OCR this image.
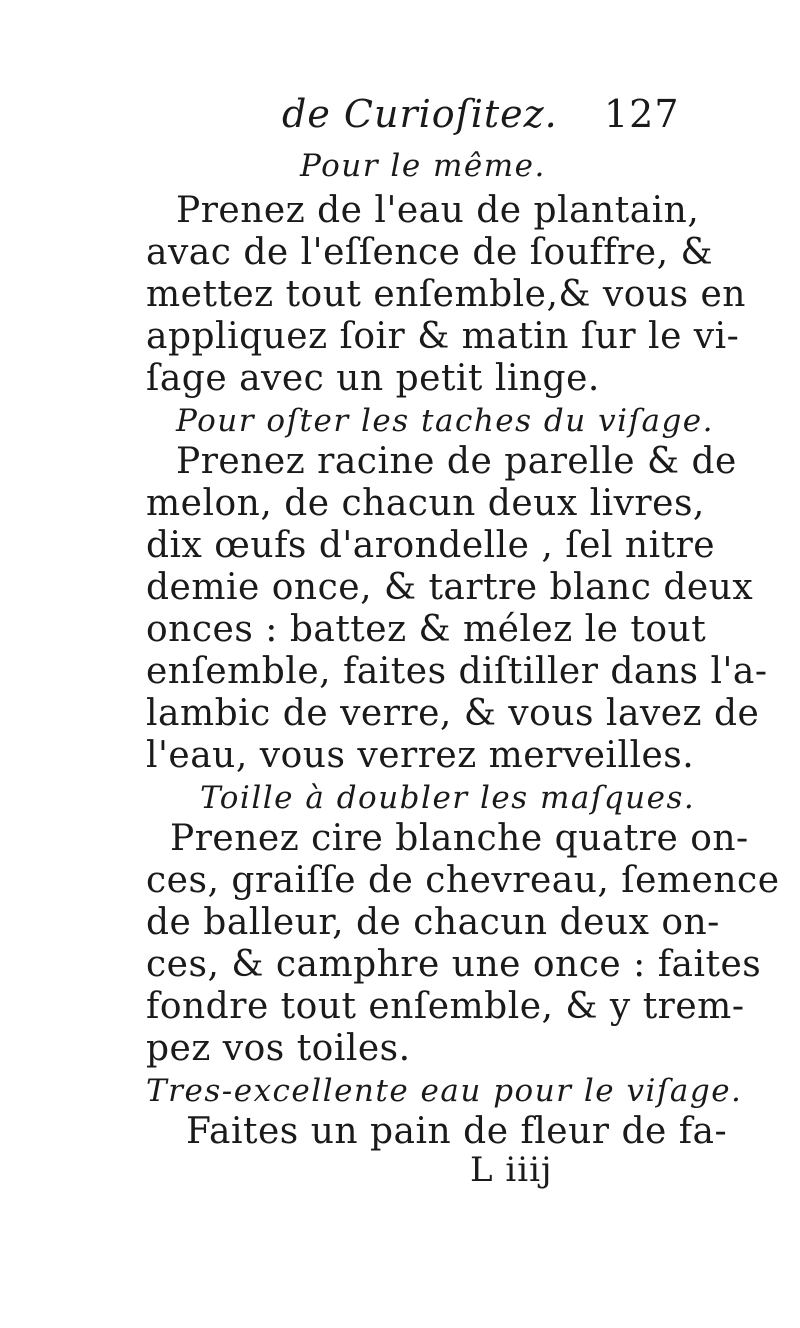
de Curioſitez. 127
Pour le même.
Prenez de l'eau de plantain,
avac de l'eſſence de ſouffre, &
mettez tout enſemble,& vous en
appliquez ſoir & matin ſur le vi-
ſage avec un petit linge.
Pour oſter les taches du viſage.
Prenez racine de parelle & de
melon, de chacun deux livres,
dix œufs d'arondelle , ſel nitre
demie once, & tartre blanc deux
onces : battez & mélez le tout
enſemble, faites diſtiller dans l'a-
lambic de verre, & vous lavez de
l'eau, vous verrez merveilles.
Toille à doubler les maſques.
Prenez cire blanche quatre on-
ces, graiſſe de chevreau, ſemence
de balleur, de chacun deux on-
ces, & camphre une once : faites
fondre tout enſemble, & y trem-
pez vos toiles.
Tres-excellente eau pour le viſage.
Faites un pain de fleur de fa-
L iiij
